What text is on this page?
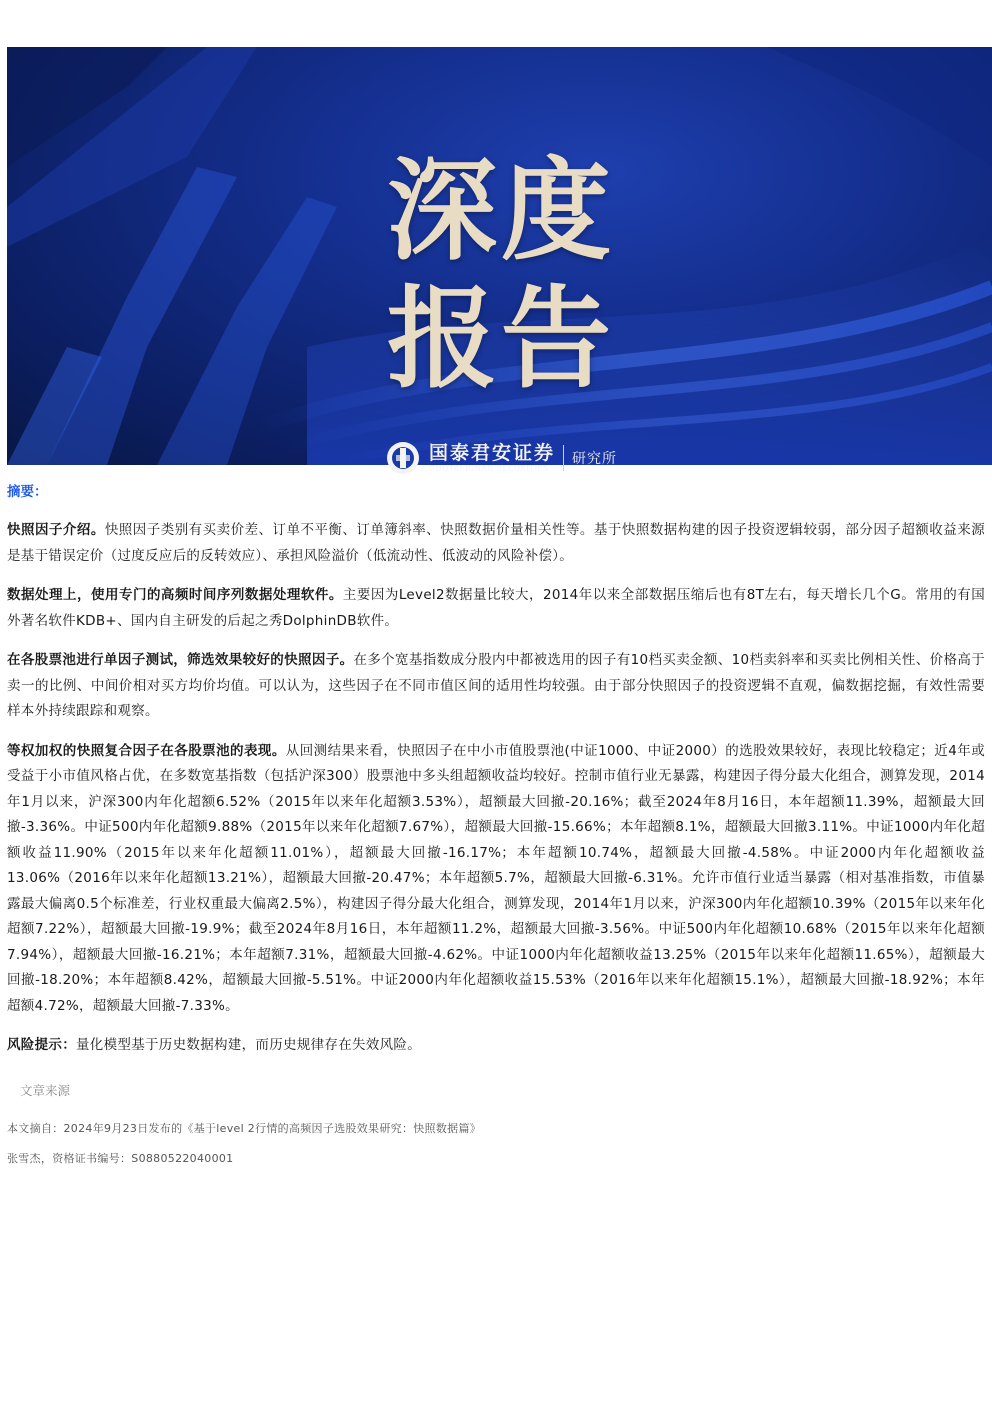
深度
报告
国泰君安证券
GUOTAI JUNAN SECURITIES
研究所
摘要：

快照因子介绍。快照因子类别有买卖价差、订单不平衡、订单簿斜率、快照数据价量相关性等。基于快照数据构建的因子投资逻辑较弱，部分因子超额收益来源是基于错误定价（过度反应后的反转效应）、承担风险溢价（低流动性、低波动的风险补偿）。

数据处理上，使用专门的高频时间序列数据处理软件。主要因为Level2数据量比较大，2014年以来全部数据压缩后也有8T左右，每天增长几个G。常用的有国外著名软件KDB+、国内自主研发的后起之秀DolphinDB软件。

在各股票池进行单因子测试，筛选效果较好的快照因子。在多个宽基指数成分股内中都被选用的因子有10档买卖金额、10档卖斜率和买卖比例相关性、价格高于卖一的比例、中间价相对买方均价均值。可以认为，这些因子在不同市值区间的适用性均较强。由于部分快照因子的投资逻辑不直观，偏数据挖掘，有效性需要样本外持续跟踪和观察。

等权加权的快照复合因子在各股票池的表现。从回测结果来看，快照因子在中小市值股票池(中证1000、中证2000）的选股效果较好，表现比较稳定；近4年或受益于小市值风格占优，在多数宽基指数（包括沪深300）股票池中多头组超额收益均较好。控制市值行业无暴露，构建因子得分最大化组合，测算发现，2014年1月以来，沪深300内年化超额6.52%（2015年以来年化超额3.53%），超额最大回撤-20.16%；截至2024年8月16日，本年超额11.39%，超额最大回撤-3.36%。中证500内年化超额9.88%（2015年以来年化超额7.67%），超额最大回撤-15.66%；本年超额8.1%，超额最大回撤3.11%。中证1000内年化超额收益11.90%（2015年以来年化超额11.01%），超额最大回撤-16.17%；本年超额10.74%，超额最大回撤-4.58%。中证2000内年化超额收益13.06%（2016年以来年化超额13.21%），超额最大回撤-20.47%；本年超额5.7%，超额最大回撤-6.31%。允许市值行业适当暴露（相对基准指数，市值暴露最大偏离0.5个标准差，行业权重最大偏离2.5%），构建因子得分最大化组合，测算发现，2014年1月以来，沪深300内年化超额10.39%（2015年以来年化超额7.22%），超额最大回撤-19.9%；截至2024年8月16日，本年超额11.2%，超额最大回撤-3.56%。中证500内年化超额10.68%（2015年以来年化超额7.94%），超额最大回撤-16.21%；本年超额7.31%，超额最大回撤-4.62%。中证1000内年化超额收益13.25%（2015年以来年化超额11.65%），超额最大回撤-18.20%；本年超额8.42%，超额最大回撤-5.51%。中证2000内年化超额收益15.53%（2016年以来年化超额15.1%），超额最大回撤-18.92%；本年超额4.72%，超额最大回撤-7.33%。

风险提示：量化模型基于历史数据构建，而历史规律存在失效风险。

文章来源
本文摘自：2024年9月23日发布的《基于level 2行情的高频因子选股效果研究：快照数据篇》
张雪杰，资格证书编号：S0880522040001
